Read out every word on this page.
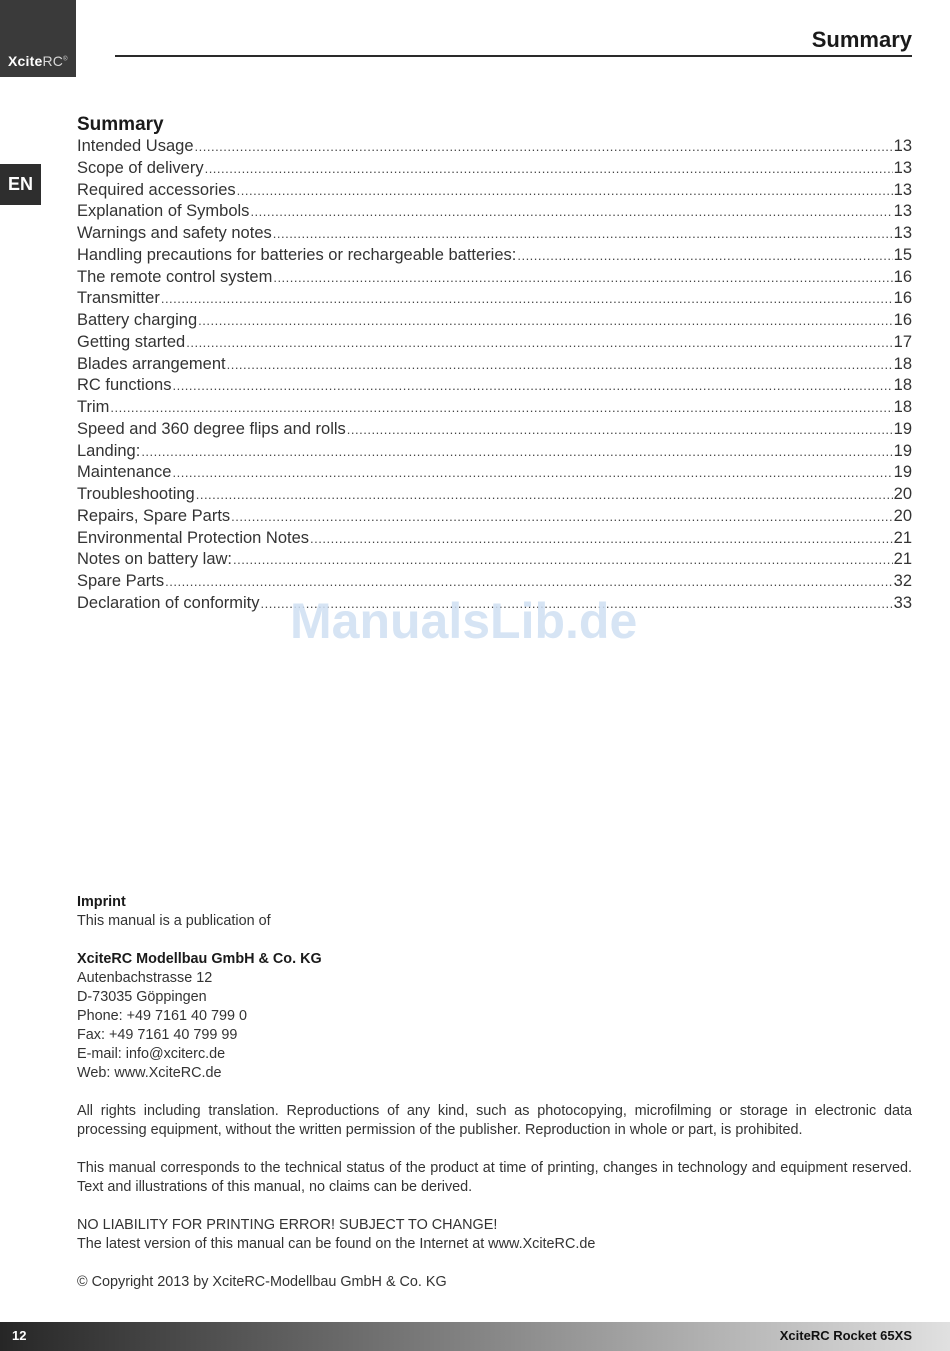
XciteRC®
Summary
EN
Summary
Intended Usage .....	13
Scope of delivery .....	13
Required accessories .....	13
Explanation of Symbols .....	13
Warnings and safety notes .....	13
Handling precautions for batteries or rechargeable batteries: .....	15
The remote control system .....	16
Transmitter .....	16
Battery charging .....	16
Getting started .....	17
Blades arrangement .....	18
RC functions .....	18
Trim .....	18
Speed and 360 degree flips and rolls .....	19
Landing: .....	19
Maintenance .....	19
Troubleshooting .....	20
Repairs, Spare Parts .....	20
Environmental Protection Notes .....	21
Notes on battery law: .....	21
Spare Parts .....	32
Declaration of conformity .....	33
ManualsLib.de

Imprint

This manual is a publication of

XciteRC Modellbau GmbH & Co. KG

Autenbachstrasse 12

D-73035 Göppingen

Phone: +49 7161 40 799 0

Fax: +49 7161 40 799 99

E-mail: info@xciterc.de

Web: www.XciteRC.de

All rights including translation. Reproductions of any kind, such as photocopying, microfilming or storage in electronic data processing equipment, without the written permission of the publisher. Reproduction in whole or part, is prohibited.

This manual corresponds to the technical status of the product at time of printing, changes in technology and equipment reserved. Text and illustrations of this manual, no claims can be derived.

NO LIABILITY FOR PRINTING ERROR! SUBJECT TO CHANGE!

The latest version of this manual can be found on the Internet at www.XciteRC.de

© Copyright 2013 by XciteRC-Modellbau GmbH & Co. KG

12	XciteRC Rocket 65XS
